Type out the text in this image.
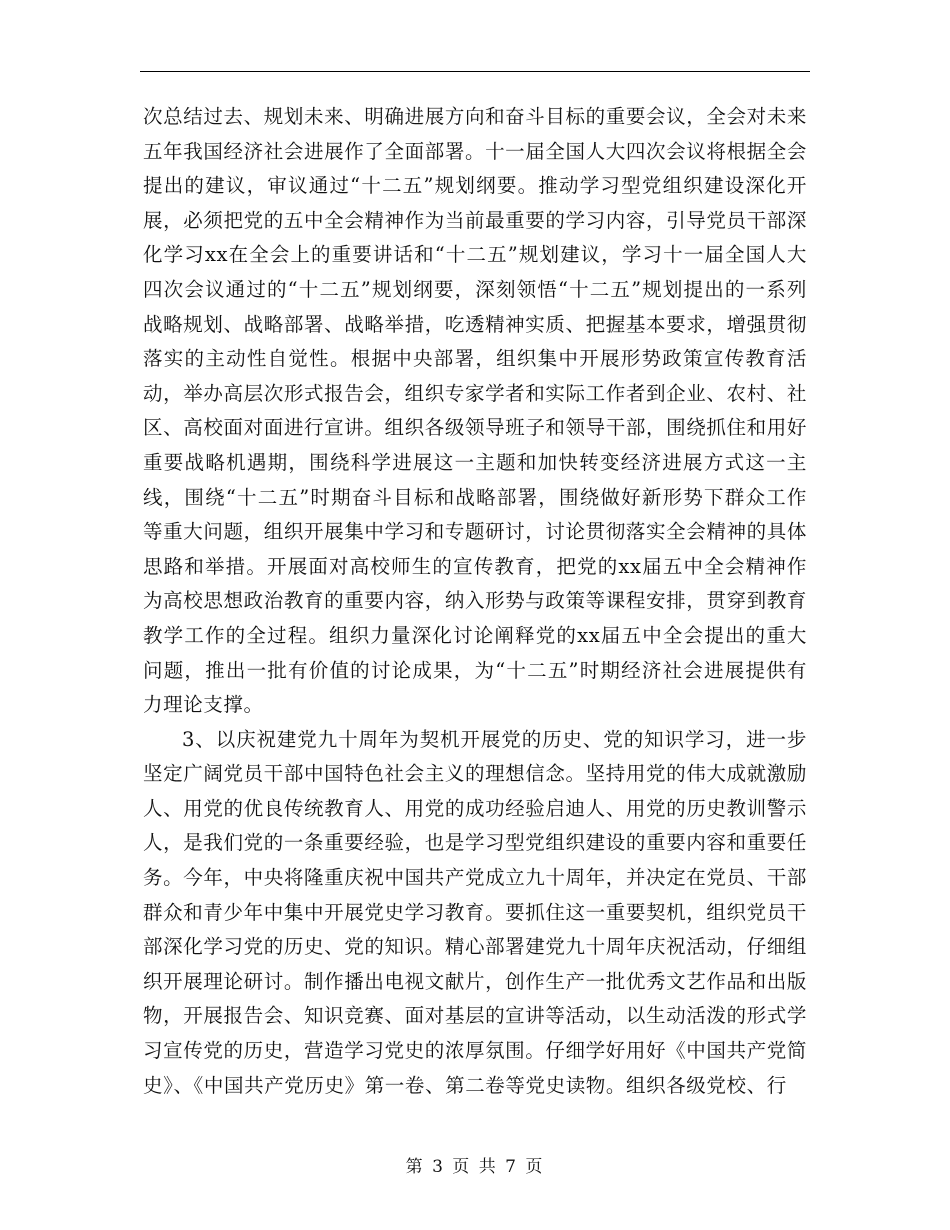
次总结过去、规划未来、明确进展方向和奋斗目标的重要会议，全会对未来五年我国经济社会进展作了全面部署。十一届全国人大四次会议将根据全会提出的建议，审议通过“十二五”规划纲要。推动学习型党组织建设深化开展，必须把党的五中全会精神作为当前最重要的学习内容，引导党员干部深化学习xx在全会上的重要讲话和“十二五”规划建议，学习十一届全国人大四次会议通过的“十二五”规划纲要，深刻领悟“十二五”规划提出的一系列战略规划、战略部署、战略举措，吃透精神实质、把握基本要求，增强贯彻落实的主动性自觉性。根据中央部署，组织集中开展形势政策宣传教育活动，举办高层次形式报告会，组织专家学者和实际工作者到企业、农村、社区、高校面对面进行宣讲。组织各级领导班子和领导干部，围绕抓住和用好重要战略机遇期，围绕科学进展这一主题和加快转变经济进展方式这一主线，围绕“十二五”时期奋斗目标和战略部署，围绕做好新形势下群众工作等重大问题，组织开展集中学习和专题研讨，讨论贯彻落实全会精神的具体思路和举措。开展面对高校师生的宣传教育，把党的xx届五中全会精神作为高校思想政治教育的重要内容，纳入形势与政策等课程安排，贯穿到教育教学工作的全过程。组织力量深化讨论阐释党的xx届五中全会提出的重大问题，推出一批有价值的讨论成果，为“十二五”时期经济社会进展提供有力理论支撑。

3、以庆祝建党九十周年为契机开展党的历史、党的知识学习，进一步坚定广阔党员干部中国特色社会主义的理想信念。坚持用党的伟大成就激励人、用党的优良传统教育人、用党的成功经验启迪人、用党的历史教训警示人，是我们党的一条重要经验，也是学习型党组织建设的重要内容和重要任务。今年，中央将隆重庆祝中国共产党成立九十周年，并决定在党员、干部群众和青少年中集中开展党史学习教育。要抓住这一重要契机，组织党员干部深化学习党的历史、党的知识。精心部署建党九十周年庆祝活动，仔细组织开展理论研讨。制作播出电视文献片，创作生产一批优秀文艺作品和出版物，开展报告会、知识竞赛、面对基层的宣讲等活动，以生动活泼的形式学习宣传党的历史，营造学习党史的浓厚氛围。仔细学好用好《中国共产党简史》、《中国共产党历史》第一卷、第二卷等党史读物。组织各级党校、行

第 3 页 共 7 页
